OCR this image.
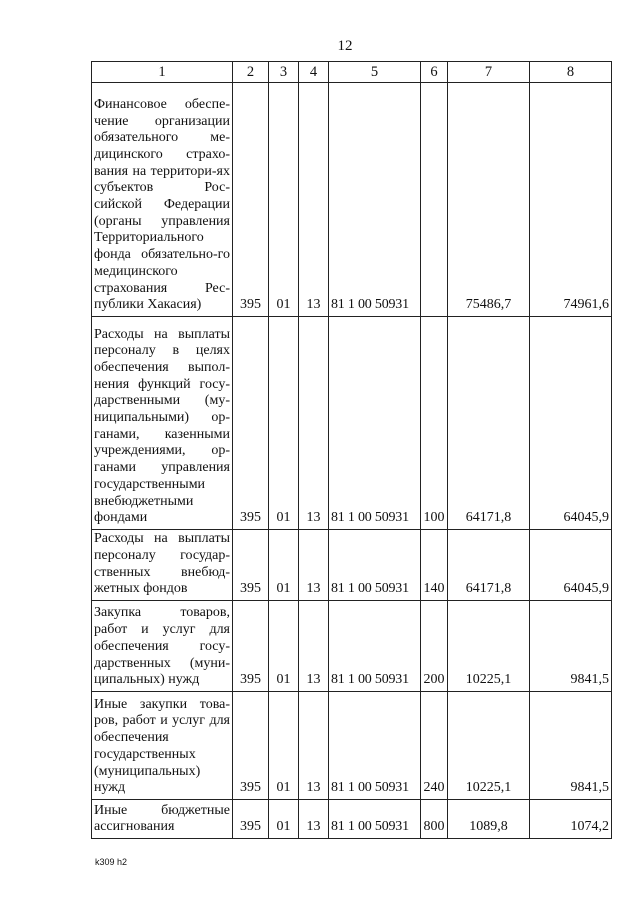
12
1	2	3	4	5	6	7	8
Финансовое обеспе-чение организации обязательного ме-дицинского страхо-вания на территори-ях субъектов Рос-сийской Федерации (органы управления Территориального фонда обязательно-го медицинского страхования Рес-публики Хакасия)	395	01	13	81 1 00 50931		75486,7	74961,6
Расходы на выплаты персоналу в целях обеспечения выпол-нения функций госу-дарственными (му-ниципальными) ор-ганами, казенными учреждениями, ор-ганами управления государственными внебюджетными фондами	395	01	13	81 1 00 50931	100	64171,8	64045,9
Расходы на выплаты персоналу государ-ственных внебюд-жетных фондов	395	01	13	81 1 00 50931	140	64171,8	64045,9
Закупка товаров, работ и услуг для обеспечения госу-дарственных (муни-ципальных) нужд	395	01	13	81 1 00 50931	200	10225,1	9841,5
Иные закупки това-ров, работ и услуг для обеспечения государственных (муниципальных) нужд	395	01	13	81 1 00 50931	240	10225,1	9841,5
Иные бюджетные ассигнования	395	01	13	81 1 00 50931	800	1089,8	1074,2
k309 h2
